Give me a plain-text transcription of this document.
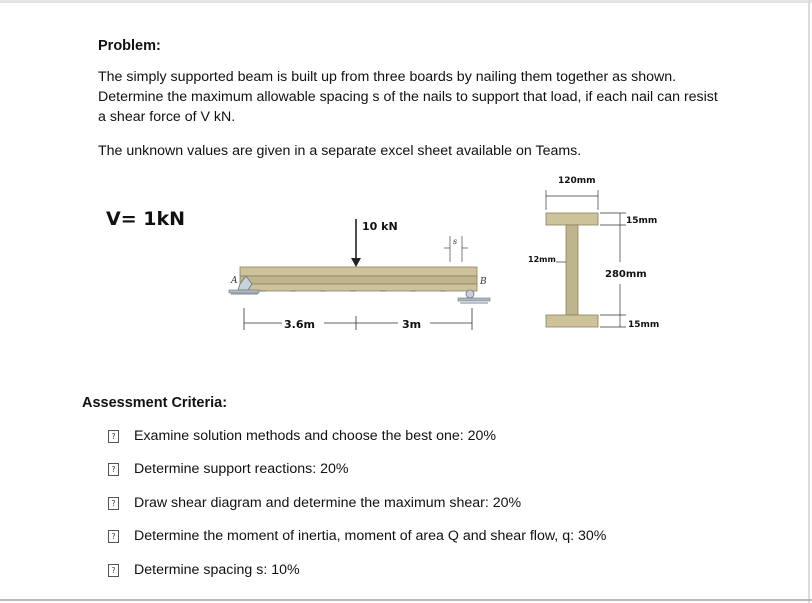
Problem:
The simply supported beam is built up from three boards by nailing them together as shown.
Determine the maximum allowable spacing s of the nails to support that load, if each nail can resist
a shear force of V kN.
The unknown values are given in a separate excel sheet available on Teams.
V= 1kN
A	B
10 kN
s
3.6m	3m
120mm
15mm
280mm
12mm
15mm
Assessment Criteria:
? Examine solution methods and choose the best one: 20%
? Determine support reactions: 20%
? Draw shear diagram and determine the maximum shear: 20%
? Determine the moment of inertia, moment of area Q and shear flow, q: 30%
? Determine spacing s: 10%
